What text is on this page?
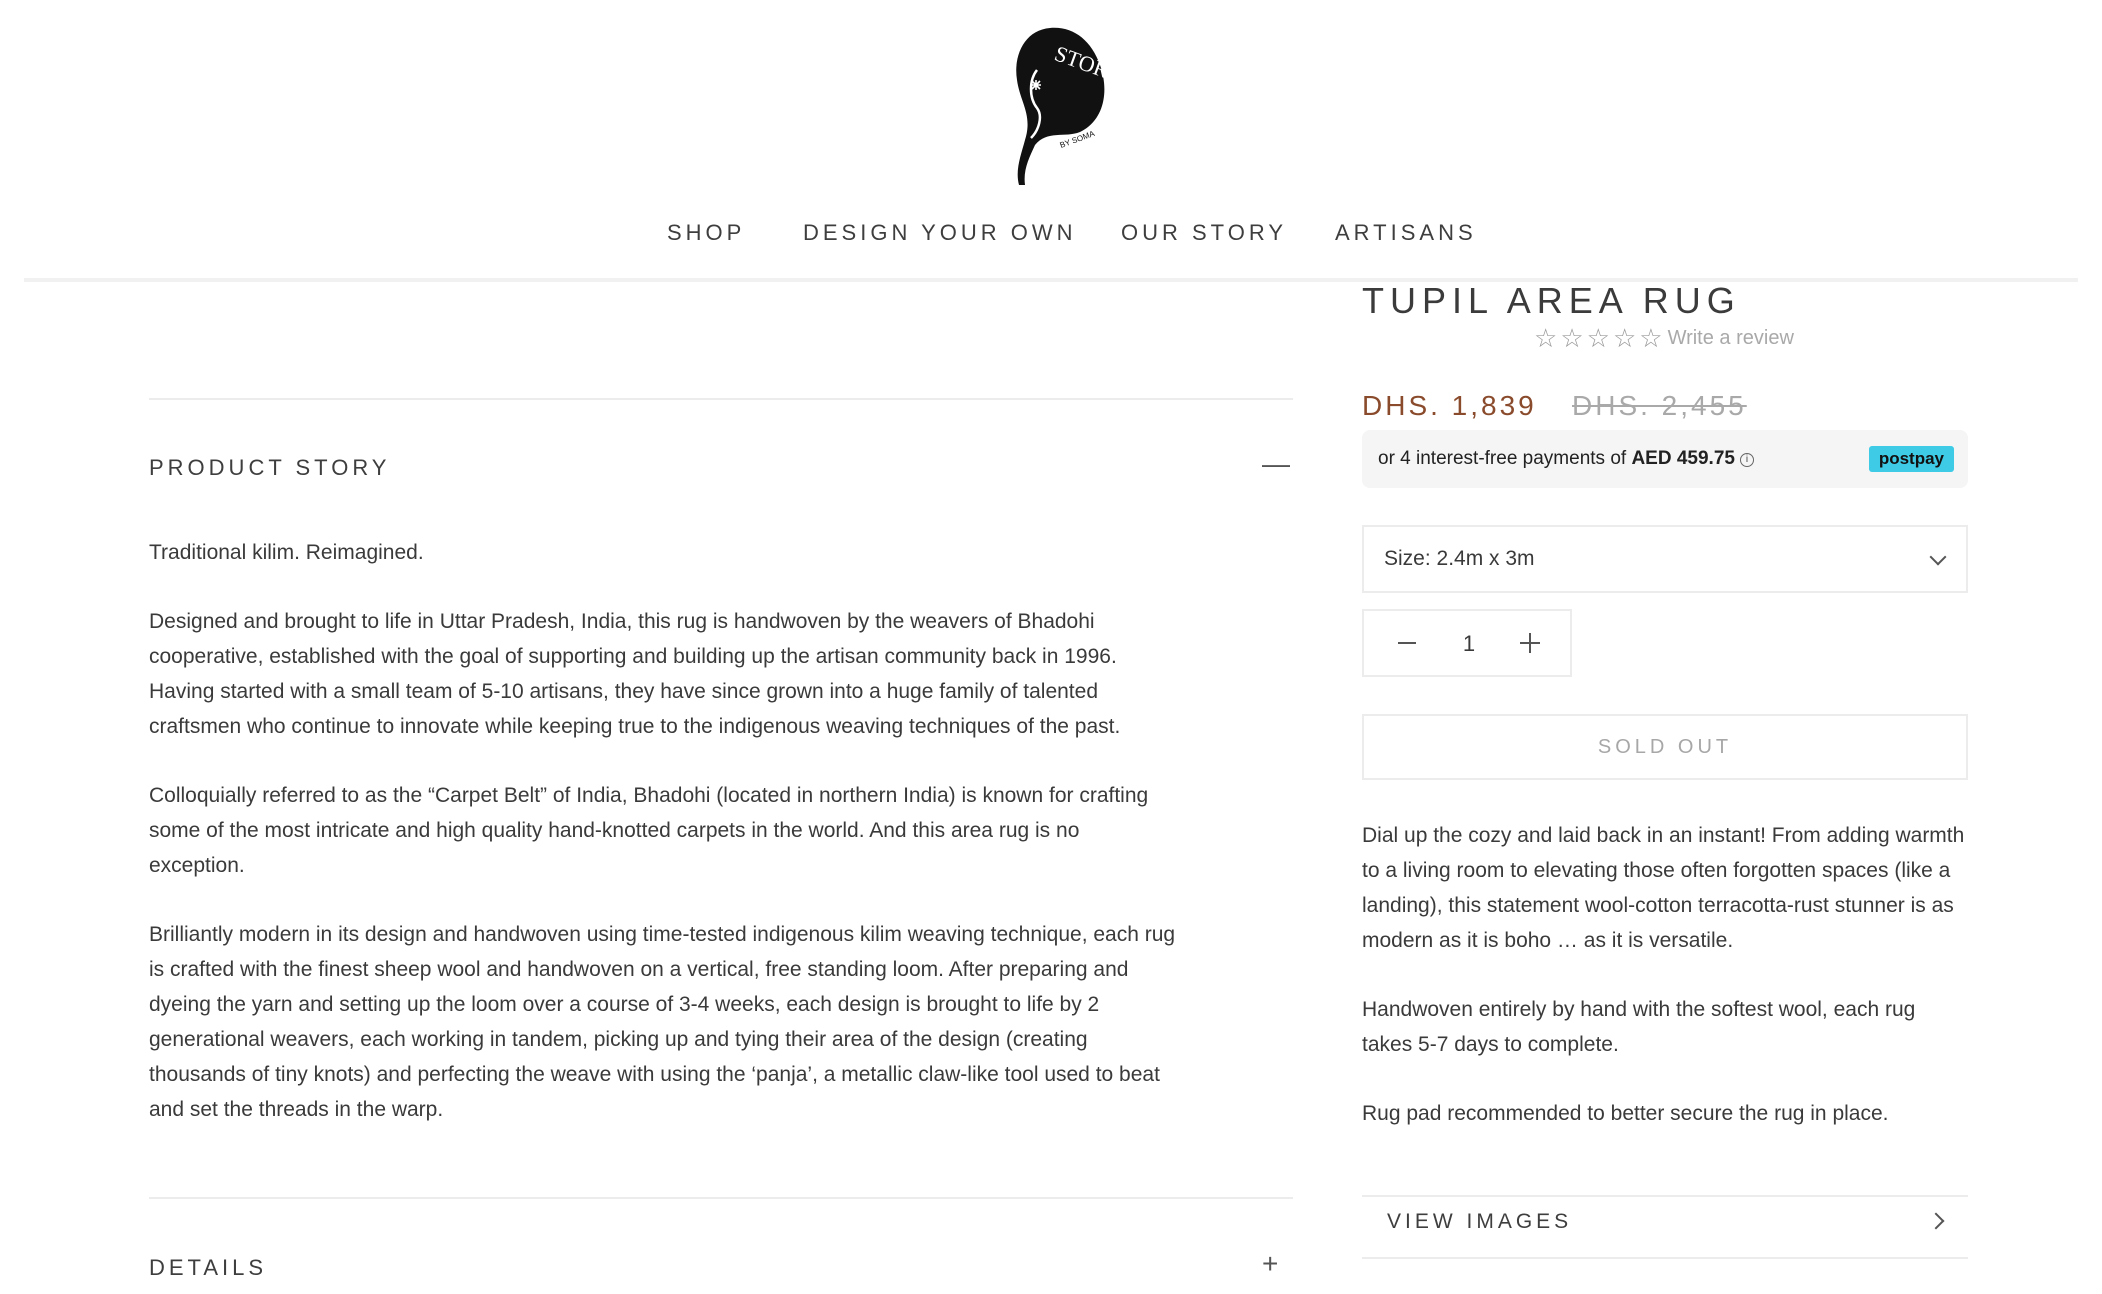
STORY
BY SOMA
SHOP	DESIGN YOUR OWN OUR STORY ARTISANS
PRODUCT STORY	—

Traditional kilim. Reimagined.

Designed and brought to life in Uttar Pradesh, India, this rug is handwoven by the weavers of Bhadohi cooperative, established with the goal of supporting and building up the artisan community back in 1996. Having started with a small team of 5-10 artisans, they have since grown into a huge family of talented craftsmen who continue to innovate while keeping true to the indigenous weaving techniques of the past.

Colloquially referred to as the “Carpet Belt” of India, Bhadohi (located in northern India) is known for crafting some of the most intricate and high quality hand-knotted carpets in the world. And this area rug is no exception.

Brilliantly modern in its design and handwoven using time-tested indigenous kilim weaving technique, each rug is crafted with the finest sheep wool and handwoven on a vertical, free standing loom. After preparing and dyeing the yarn and setting up the loom over a course of 3-4 weeks, each design is brought to life by 2 generational weavers, each working in tandem, picking up and tying their area of the design (creating thousands of tiny knots) and perfecting the weave with using the ‘panja’, a metallic claw-like tool used to beat and set the threads in the warp.

DETAILS	+
TUPIL AREA RUG
☆ ☆ ☆ ☆ ☆ Write a review
DHS. 1,839 DHS. 2,455
or 4 interest-free payments of AED 459.75 i	postpay
Size: 2.4m x 3m
1
SOLD OUT

Dial up the cozy and laid back in an instant! From adding warmth to a living room to elevating those often forgotten spaces (like a landing), this statement wool-cotton terracotta-rust stunner is as modern as it is boho … as it is versatile.

Handwoven entirely by hand with the softest wool, each rug takes 5-7 days to complete.

Rug pad recommended to better secure the rug in place.

VIEW IMAGES
